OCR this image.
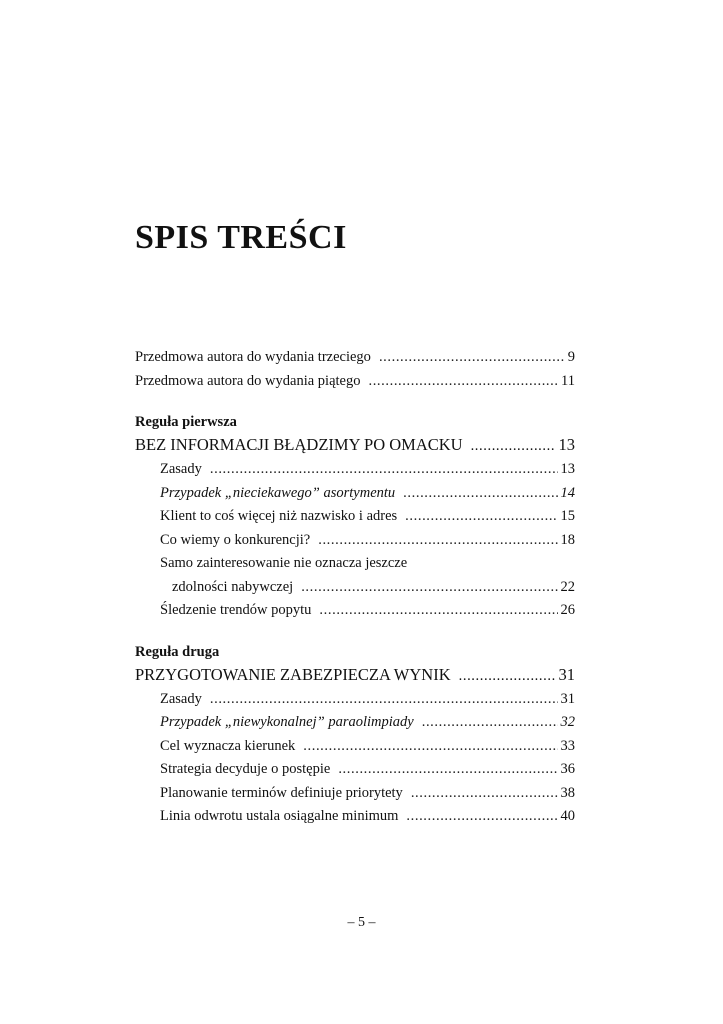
SPIS TREŚCI
Przedmowa autora do wydania trzeciego .....	9
Przedmowa autora do wydania piątego .....	11
Reguła pierwsza
BEZ INFORMACJI BŁĄDZIMY PO OMACKU .....	13
Zasady .....	13
Przypadek „nieciekawego” asortymentu .....	14
Klient to coś więcej niż nazwisko i adres .....	15
Co wiemy o konkurencji? .....	18
Samo zainteresowanie nie oznacza jeszcze
zdolności nabywczej .....	22
Śledzenie trendów popytu .....	26
Reguła druga
PRZYGOTOWANIE ZABEZPIECZA WYNIK .....	31
Zasady .....	31
Przypadek „niewykonalnej” paraolimpiady .....	32
Cel wyznacza kierunek .....	33
Strategia decyduje o postępie .....	36
Planowanie terminów definiuje priorytety .....	38
Linia odwrotu ustala osiągalne minimum .....	40
– 5 –
